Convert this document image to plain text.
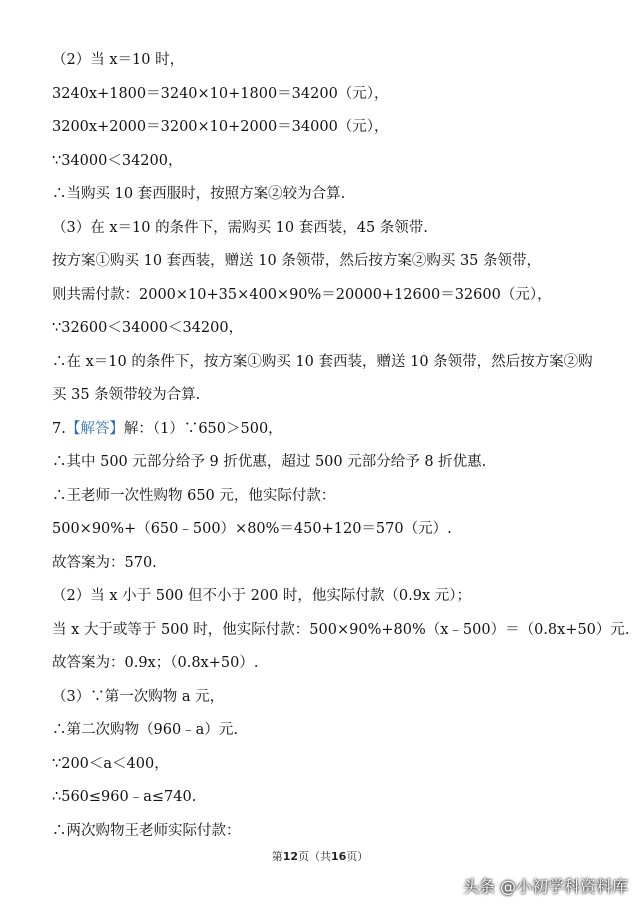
（2）当 x＝10 时，
3240x+1800＝3240×10+1800＝34200（元），
3200x+2000＝3200×10+2000＝34000（元），
∵34000＜34200，
∴当购买 10 套西服时，按照方案②较为合算.
（3）在 x＝10 的条件下，需购买 10 套西装，45 条领带.
按方案①购买 10 套西装，赠送 10 条领带，然后按方案②购买 35 条领带，
则共需付款：2000×10+35×400×90%＝20000+12600＝32600（元），
∵32600＜34000＜34200，
∴在 x＝10 的条件下，按方案①购买 10 套西装，赠送 10 条领带，然后按方案②购
买 35 条领带较为合算.
7.【解答】解：（1）∵650＞500，
∴其中 500 元部分给予 9 折优惠，超过 500 元部分给予 8 折优惠.
∴王老师一次性购物 650 元，他实际付款：
500×90%+（650﹣500）×80%＝450+120＝570（元）.
故答案为：570.
（2）当 x 小于 500 但不小于 200 时，他实际付款（0.9x 元）；
当 x 大于或等于 500 时，他实际付款：500×90%+80%（x﹣500）＝（0.8x+50）元.
故答案为：0.9x；（0.8x+50）.
（3）∵第一次购物 a 元，
∴第二次购物（960﹣a）元.
∵200＜a＜400，
∴560≤960﹣a≤740.
∴两次购物王老师实际付款：
第12页（共16页）
头条 @小初学科资料库
